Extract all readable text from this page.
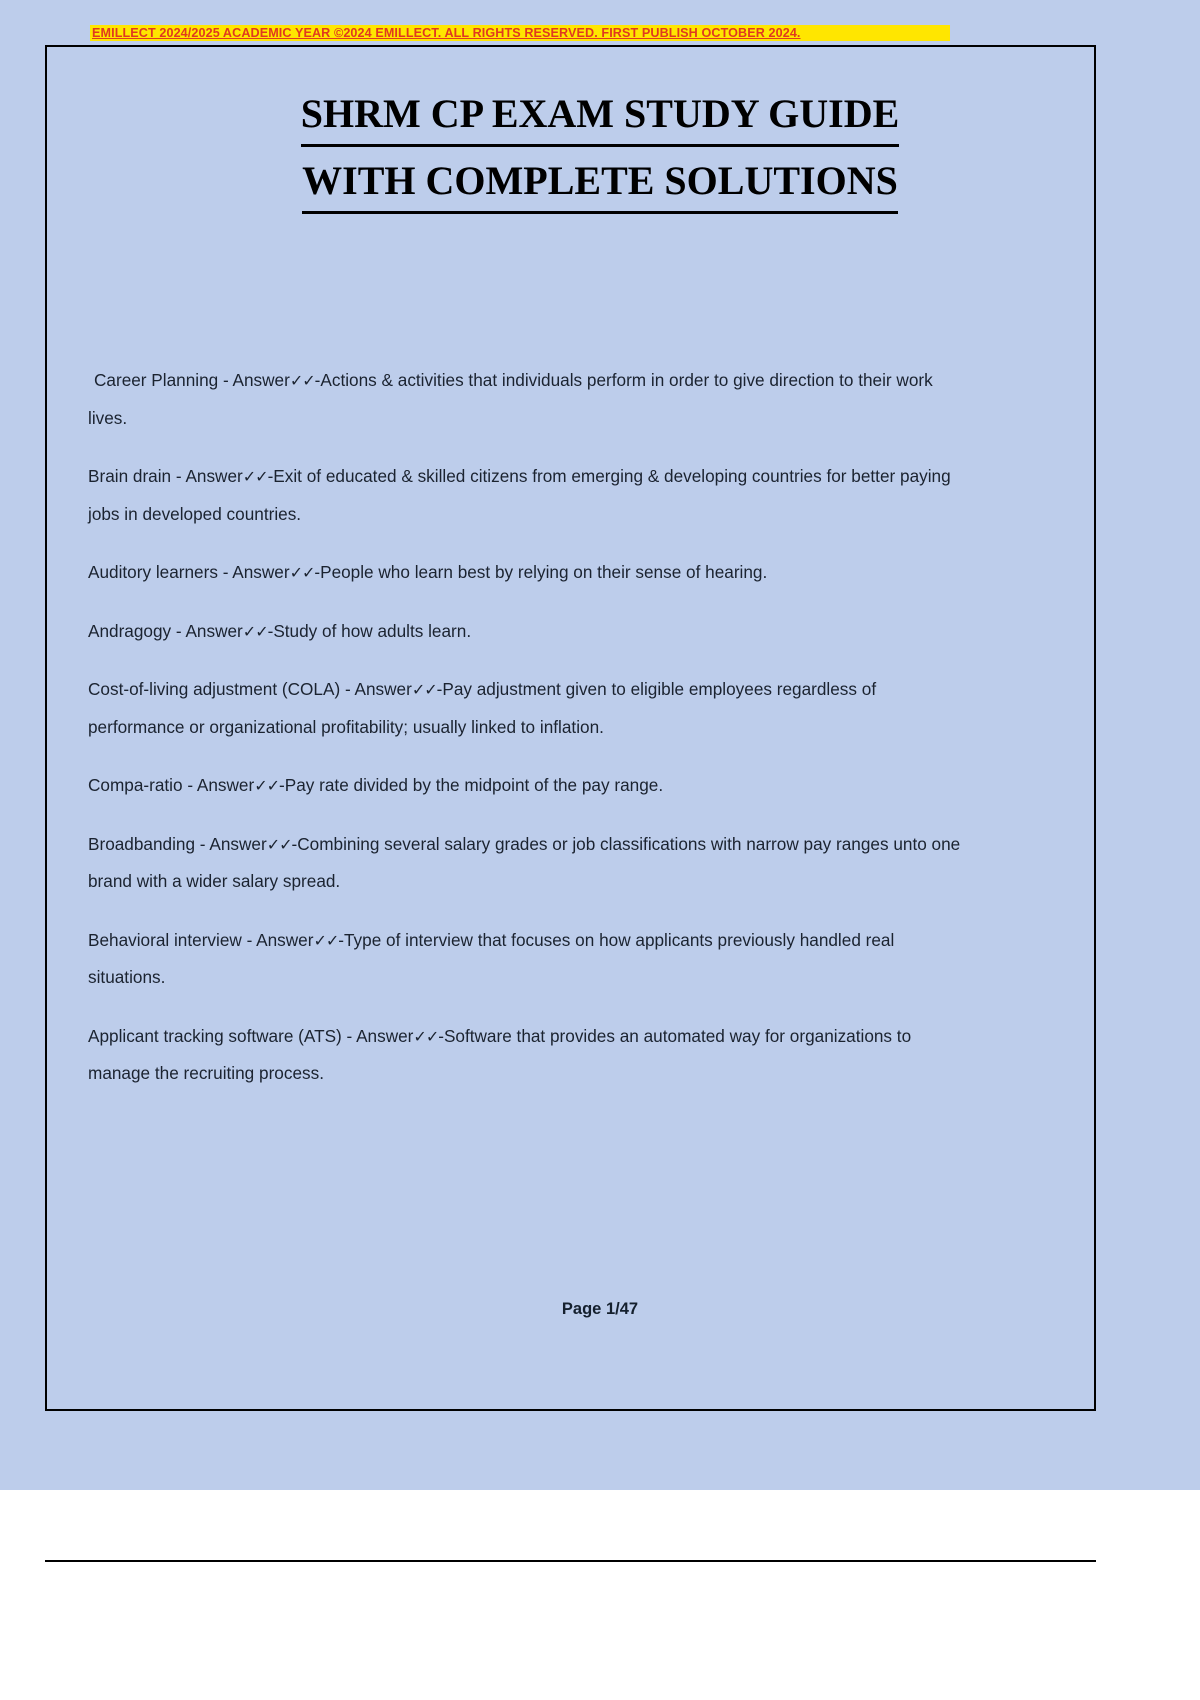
EMILLECT 2024/2025 ACADEMIC YEAR ©2024 EMILLECT. ALL RIGHTS RESERVED. FIRST PUBLISH OCTOBER 2024.
SHRM CP EXAM STUDY GUIDE
WITH COMPLETE SOLUTIONS

Career Planning - Answer✓✓-Actions & activities that individuals perform in order to give direction to their work lives.

Brain drain - Answer✓✓-Exit of educated & skilled citizens from emerging & developing countries for better paying jobs in developed countries.

Auditory learners - Answer✓✓-People who learn best by relying on their sense of hearing.

Andragogy - Answer✓✓-Study of how adults learn.

Cost-of-living adjustment (COLA) - Answer✓✓-Pay adjustment given to eligible employees regardless of performance or organizational profitability; usually linked to inflation.

Compa-ratio - Answer✓✓-Pay rate divided by the midpoint of the pay range.

Broadbanding - Answer✓✓-Combining several salary grades or job classifications with narrow pay ranges unto one brand with a wider salary spread.

Behavioral interview - Answer✓✓-Type of interview that focuses on how applicants previously handled real situations.

Applicant tracking software (ATS) - Answer✓✓-Software that provides an automated way for organizations to manage the recruiting process.

Page 1/47
